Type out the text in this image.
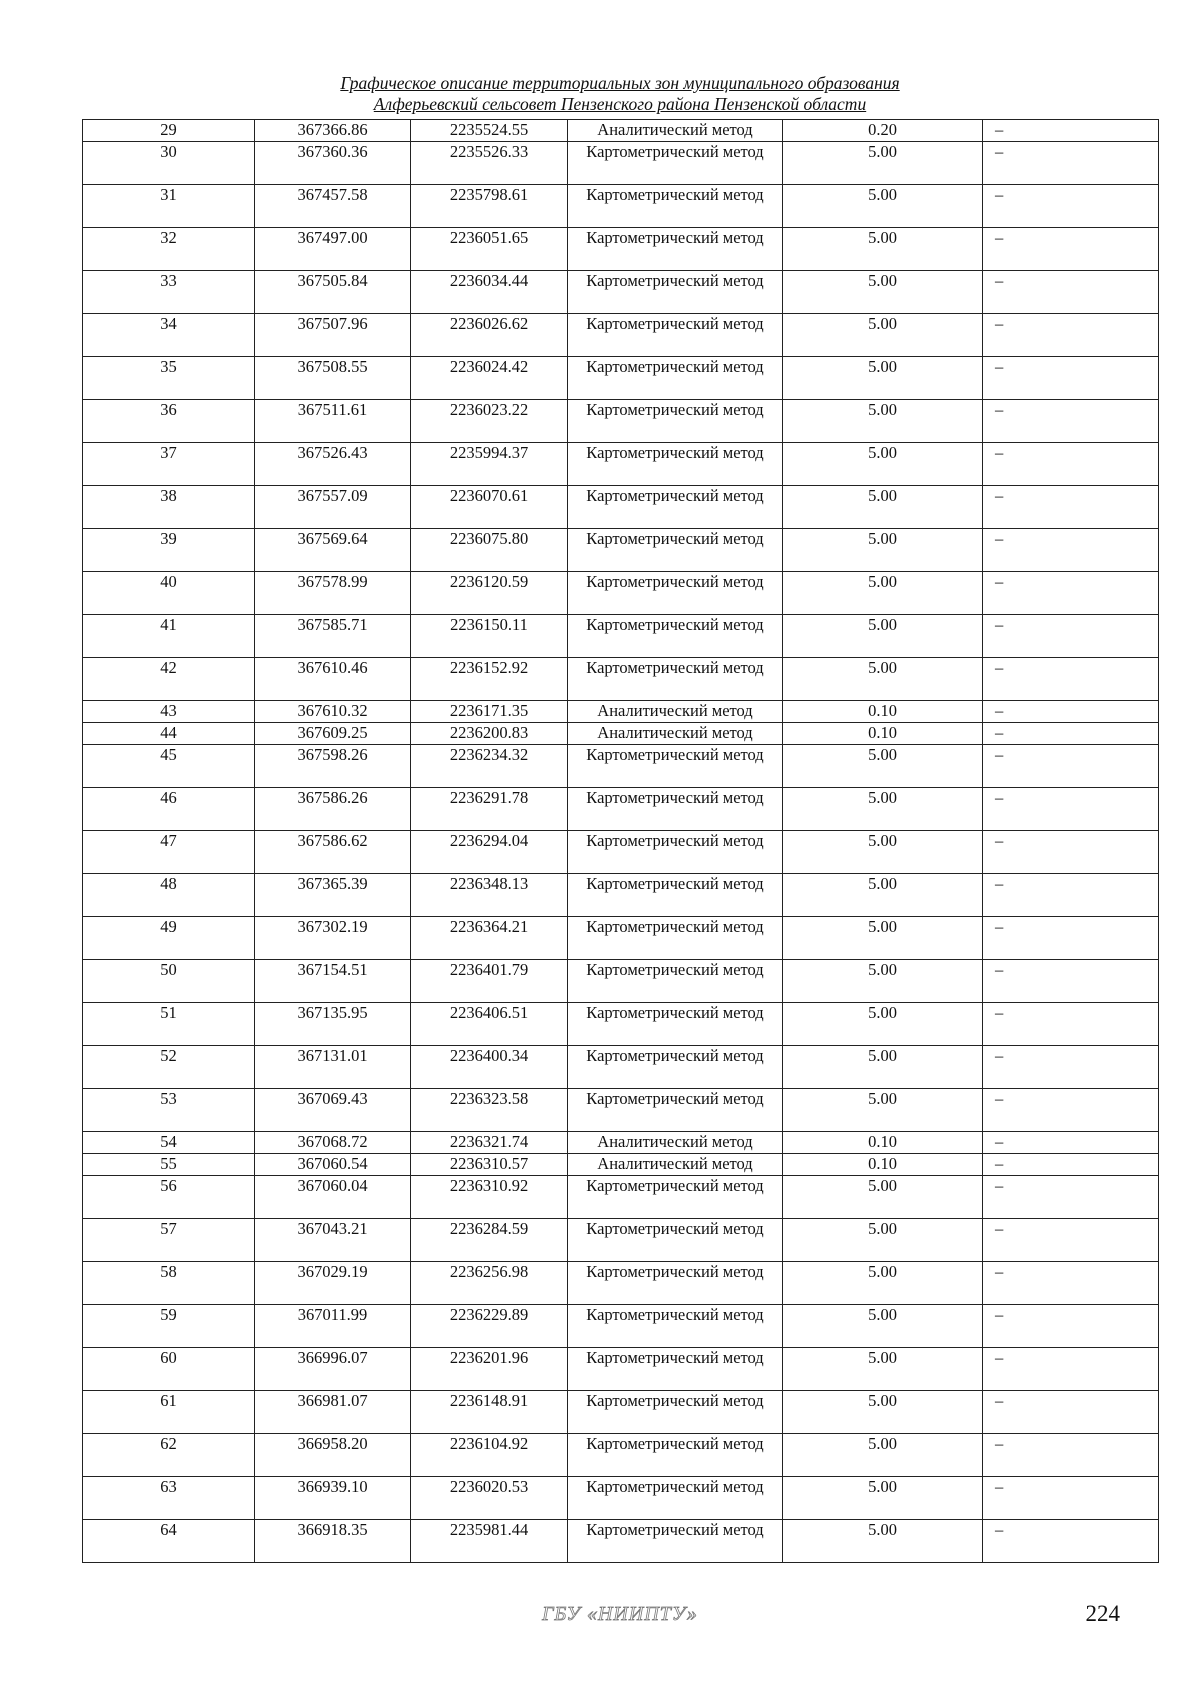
Графическое описание территориальных зон муниципального образования
Алферьевский сельсовет Пензенского района Пензенской области
29	367366.86	2235524.55	Аналитический метод	0.20	–
30	367360.36	2235526.33	Картометрический метод	5.00	–
31	367457.58	2235798.61	Картометрический метод	5.00	–
32	367497.00	2236051.65	Картометрический метод	5.00	–
33	367505.84	2236034.44	Картометрический метод	5.00	–
34	367507.96	2236026.62	Картометрический метод	5.00	–
35	367508.55	2236024.42	Картометрический метод	5.00	–
36	367511.61	2236023.22	Картометрический метод	5.00	–
37	367526.43	2235994.37	Картометрический метод	5.00	–
38	367557.09	2236070.61	Картометрический метод	5.00	–
39	367569.64	2236075.80	Картометрический метод	5.00	–
40	367578.99	2236120.59	Картометрический метод	5.00	–
41	367585.71	2236150.11	Картометрический метод	5.00	–
42	367610.46	2236152.92	Картометрический метод	5.00	–
43	367610.32	2236171.35	Аналитический метод	0.10	–
44	367609.25	2236200.83	Аналитический метод	0.10	–
45	367598.26	2236234.32	Картометрический метод	5.00	–
46	367586.26	2236291.78	Картометрический метод	5.00	–
47	367586.62	2236294.04	Картометрический метод	5.00	–
48	367365.39	2236348.13	Картометрический метод	5.00	–
49	367302.19	2236364.21	Картометрический метод	5.00	–
50	367154.51	2236401.79	Картометрический метод	5.00	–
51	367135.95	2236406.51	Картометрический метод	5.00	–
52	367131.01	2236400.34	Картометрический метод	5.00	–
53	367069.43	2236323.58	Картометрический метод	5.00	–
54	367068.72	2236321.74	Аналитический метод	0.10	–
55	367060.54	2236310.57	Аналитический метод	0.10	–
56	367060.04	2236310.92	Картометрический метод	5.00	–
57	367043.21	2236284.59	Картометрический метод	5.00	–
58	367029.19	2236256.98	Картометрический метод	5.00	–
59	367011.99	2236229.89	Картометрический метод	5.00	–
60	366996.07	2236201.96	Картометрический метод	5.00	–
61	366981.07	2236148.91	Картометрический метод	5.00	–
62	366958.20	2236104.92	Картометрический метод	5.00	–
63	366939.10	2236020.53	Картометрический метод	5.00	–
64	366918.35	2235981.44	Картометрический метод	5.00	–
ГБУ «НИИПТУ»	224
